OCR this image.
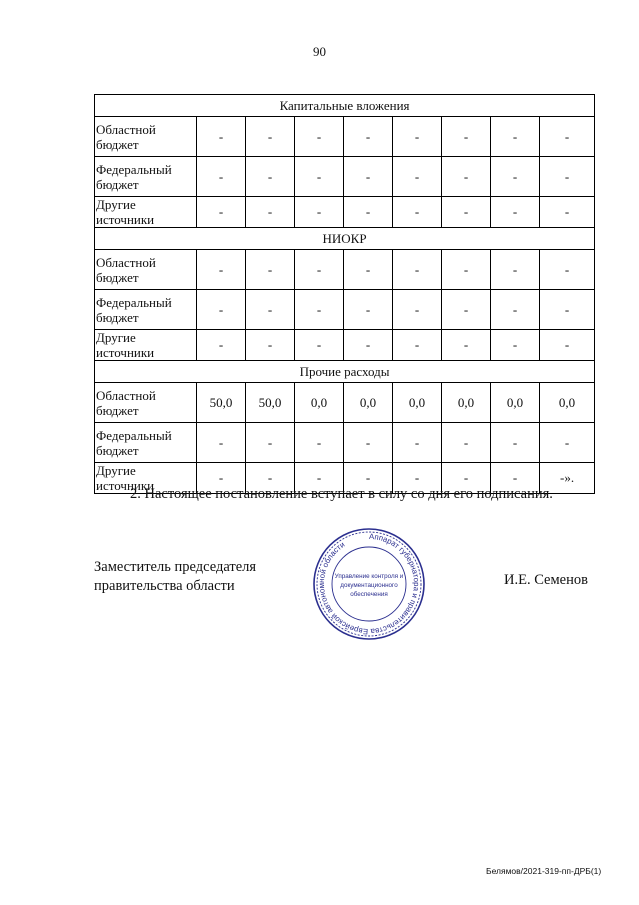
90
Капитальные вложения								
Областной бюджет	-	-	-	-	-	-	-	-
Федеральный бюджет	-	-	-	-	-	-	-	-
Другие источники	-	-	-	-	-	-	-	-
НИОКР								
Областной бюджет	-	-	-	-	-	-	-	-
Федеральный бюджет	-	-	-	-	-	-	-	-
Другие источники	-	-	-	-	-	-	-	-
Прочие расходы								
Областной бюджет	50,0	50,0	0,0	0,0	0,0	0,0	0,0	0,0
Федеральный бюджет	-	-	-	-	-	-	-	-
Другие источники	-	-	-	-	-	-	-	-».
2. Настоящее постановление вступает в силу со дня его подписания.
Заместитель председателя
правительства области
Аппарат губернатора и правительства Еврейской автономной области
Управление контроля и
документационного
обеспечения
И.Е. Семенов
Белямов/2021-319-пп-ДРБ(1)
